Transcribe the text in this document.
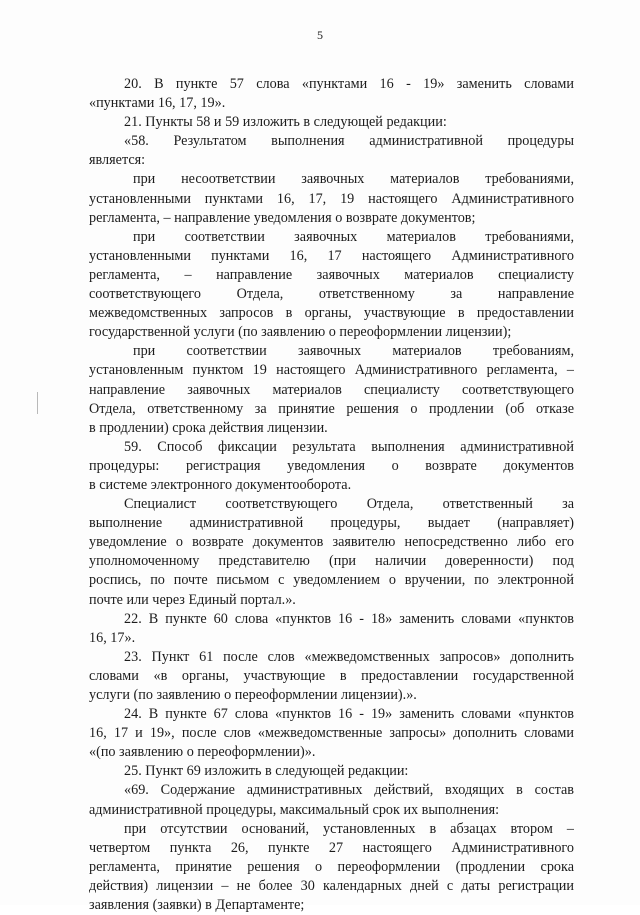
5
20. В пункте 57 слова «пунктами 16 - 19» заменить словами
«пунктами 16, 17, 19».
21. Пункты 58 и 59 изложить в следующей редакции:
«58. Результатом выполнения административной процедуры
является:
при несоответствии заявочных материалов требованиями,
установленными пунктами 16, 17, 19 настоящего Административного
регламента, – направление уведомления о возврате документов;
при соответствии заявочных материалов требованиями,
установленными пунктами 16, 17 настоящего Административного
регламента, – направление заявочных материалов специалисту
соответствующего Отдела, ответственному за направление
межведомственных запросов в органы, участвующие в предоставлении
государственной услуги (по заявлению о переоформлении лицензии);
при соответствии заявочных материалов требованиям,
установленным пунктом 19 настоящего Административного регламента, –
направление заявочных материалов специалисту соответствующего
Отдела, ответственному за принятие решения о продлении (об отказе
в продлении) срока действия лицензии.
59. Способ фиксации результата выполнения административной
процедуры: регистрация уведомления о возврате документов
в системе электронного документооборота.
Специалист соответствующего Отдела, ответственный за
выполнение административной процедуры, выдает (направляет)
уведомление о возврате документов заявителю непосредственно либо его
уполномоченному представителю (при наличии доверенности) под
роспись, по почте письмом с уведомлением о вручении, по электронной
почте или через Единый портал.».
22. В пункте 60 слова «пунктов 16 - 18» заменить словами «пунктов
16, 17».
23. Пункт 61 после слов «межведомственных запросов» дополнить
словами «в органы, участвующие в предоставлении государственной
услуги (по заявлению о переоформлении лицензии).».
24. В пункте 67 слова «пунктов 16 - 19» заменить словами «пунктов
16, 17 и 19», после слов «межведомственные запросы» дополнить словами
«(по заявлению о переоформлении)».
25. Пункт 69 изложить в следующей редакции:
«69. Содержание административных действий, входящих в состав
административной процедуры, максимальный срок их выполнения:
при отсутствии оснований, установленных в абзацах втором –
четвертом пункта 26, пункте 27 настоящего Административного
регламента, принятие решения о переоформлении (продлении срока
действия) лицензии – не более 30 календарных дней с даты регистрации
заявления (заявки) в Департаменте;
